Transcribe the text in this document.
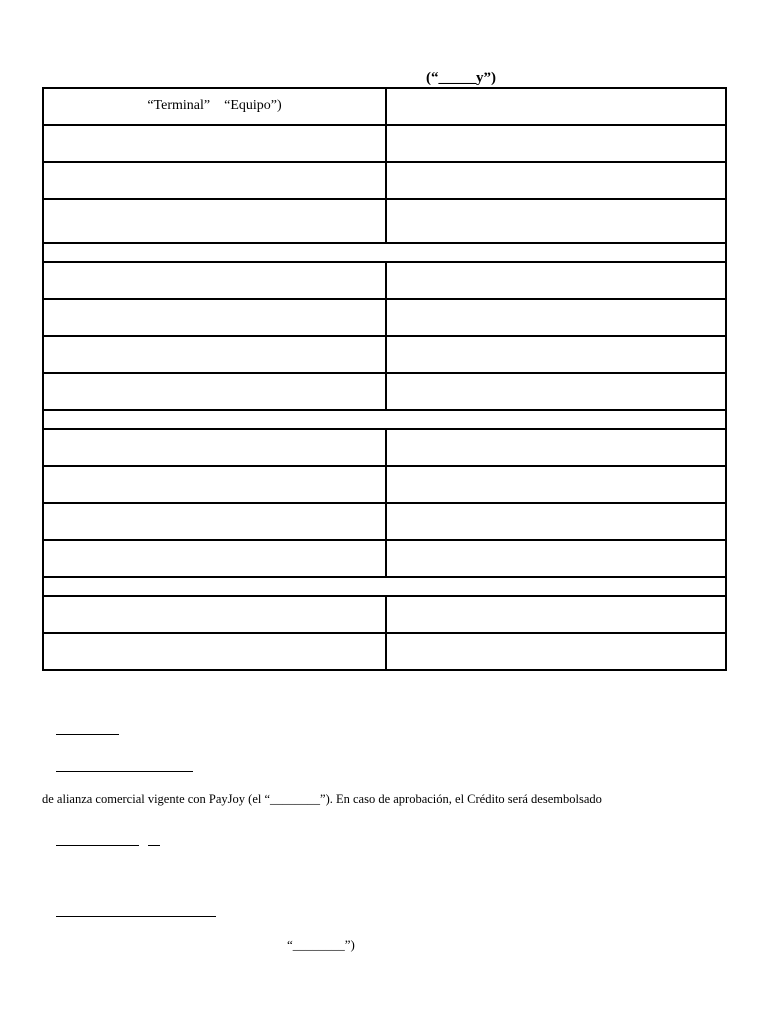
(“_____y”)
“Terminal”    “Equipo”)	

de alianza comercial vigente con PayJoy (el “________”). En caso de aprobación, el Crédito será desembolsado
“________”)
